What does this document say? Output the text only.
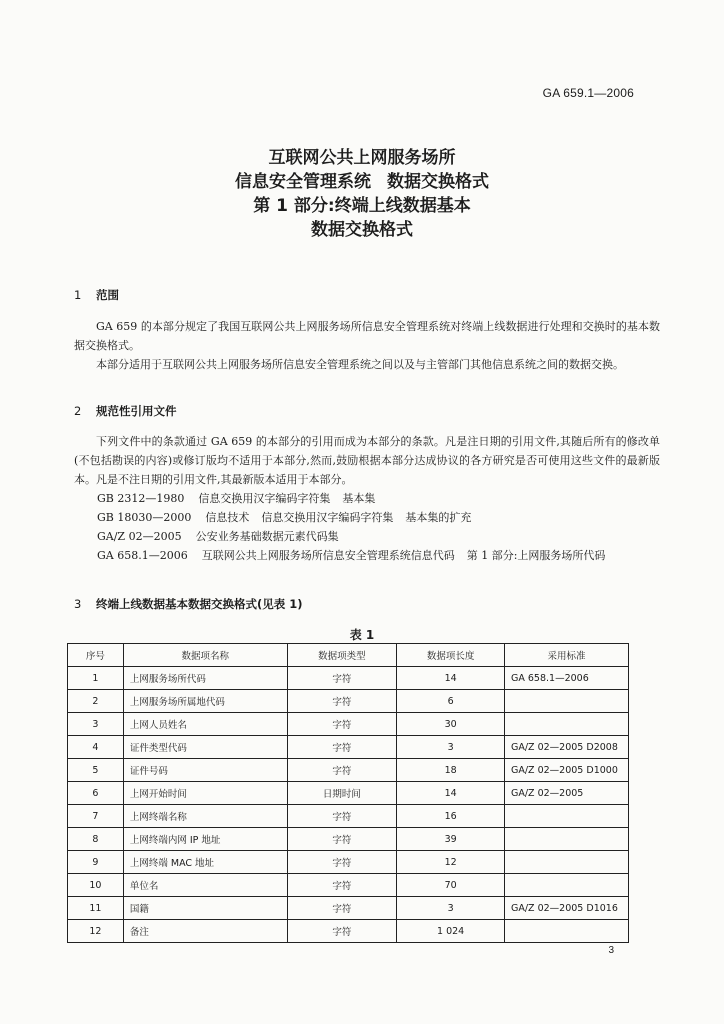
GA 659.1—2006
互联网公共上网服务场所
信息安全管理系统 数据交换格式
第 1 部分:终端上线数据基本
数据交换格式
1 范围
GA 659 的本部分规定了我国互联网公共上网服务场所信息安全管理系统对终端上线数据进行处理和交换时的基本数据交换格式。
本部分适用于互联网公共上网服务场所信息安全管理系统之间以及与主管部门其他信息系统之间的数据交换。
2 规范性引用文件
下列文件中的条款通过 GA 659 的本部分的引用而成为本部分的条款。凡是注日期的引用文件,其随后所有的修改单(不包括勘误的内容)或修订版均不适用于本部分,然而,鼓励根据本部分达成协议的各方研究是否可使用这些文件的最新版本。凡是不注日期的引用文件,其最新版本适用于本部分。
GB 2312—1980 信息交换用汉字编码字符集 基本集
GB 18030—2000 信息技术 信息交换用汉字编码字符集 基本集的扩充
GA/Z 02—2005 公安业务基础数据元素代码集
GA 658.1—2006 互联网公共上网服务场所信息安全管理系统信息代码 第 1 部分:上网服务场所代码
3 终端上线数据基本数据交换格式(见表 1)
表 1
序号	数据项名称	数据项类型	数据项长度	采用标准
1	上网服务场所代码	字符	14	GA 658.1—2006
2	上网服务场所属地代码	字符	6	
3	上网人员姓名	字符	30	
4	证件类型代码	字符	3	GA/Z 02—2005 D2008
5	证件号码	字符	18	GA/Z 02—2005 D1000
6	上网开始时间	日期时间	14	GA/Z 02—2005
7	上网终端名称	字符	16	
8	上网终端内网 IP 地址	字符	39	
9	上网终端 MAC 地址	字符	12	
10	单位名	字符	70	
11	国籍	字符	3	GA/Z 02—2005 D1016
12	备注	字符	1 024	
3
